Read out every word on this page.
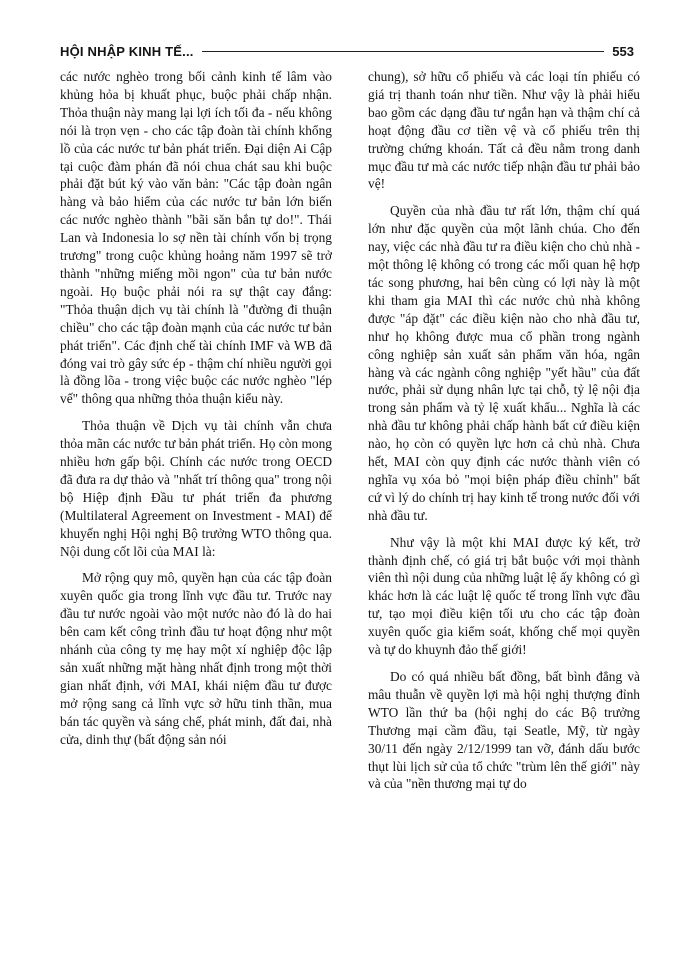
HỘI NHẬP KINH TẾ...	553

các nước nghèo trong bối cảnh kinh tế lâm vào khủng hỏa bị khuất phục, buộc phải chấp nhận. Thỏa thuận này mang lại lợi ích tối đa - nếu không nói là trọn vẹn - cho các tập đoàn tài chính khổng lồ của các nước tư bản phát triển. Đại diện Ai Cập tại cuộc đàm phán đã nói chua chát sau khi buộc phải đặt bút ký vào văn bản: "Các tập đoàn ngân hàng và bảo hiểm của các nước tư bản lớn biến các nước nghèo thành "bãi săn bắn tự do!". Thái Lan và Indonesia lo sợ nền tài chính vốn bị trọng trương" trong cuộc khủng hoảng năm 1997 sẽ trở thành "những miếng mồi ngon" của tư bản nước ngoài. Họ buộc phải nói ra sự thật cay đắng: "Thỏa thuận dịch vụ tài chính là "đường đi thuận chiều" cho các tập đoàn mạnh của các nước tư bản phát triển". Các định chế tài chính IMF và WB đã đóng vai trò gây sức ép - thậm chí nhiều người gọi là đồng lõa - trong việc buộc các nước nghèo "lép vế" thông qua những thỏa thuận kiểu này.

Thỏa thuận về Dịch vụ tài chính vẫn chưa thỏa mãn các nước tư bản phát triển. Họ còn mong nhiều hơn gấp bội. Chính các nước trong OECD đã đưa ra dự thảo và "nhất trí thông qua" trong nội bộ Hiệp định Đầu tư phát triển đa phương (Multilateral Agreement on Investment - MAI) để khuyến nghị Hội nghị Bộ trưởng WTO thông qua. Nội dung cốt lõi của MAI là:

Mở rộng quy mô, quyền hạn của các tập đoàn xuyên quốc gia trong lĩnh vực đầu tư. Trước nay đầu tư nước ngoài vào một nước nào đó là do hai bên cam kết công trình đầu tư hoạt động như một nhánh của công ty mẹ hay một xí nghiệp độc lập sản xuất những mặt hàng nhất định trong một thời gian nhất định, với MAI, khái niệm đầu tư được mở rộng sang cả lĩnh vực sở hữu tinh thần, mua bán tác quyền và sáng chế, phát minh, đất đai, nhà cửa, dinh thự (bất động sản nói

chung), sở hữu cổ phiếu và các loại tín phiếu có giá trị thanh toán như tiền. Như vậy là phải hiểu bao gồm các dạng đầu tư ngắn hạn và thậm chí cả hoạt động đầu cơ tiền vệ và cổ phiếu trên thị trường chứng khoán. Tất cả đều nằm trong danh mục đầu tư mà các nước tiếp nhận đầu tư phải bảo vệ!

Quyền của nhà đầu tư rất lớn, thậm chí quá lớn như đặc quyền của một lãnh chúa. Cho đến nay, việc các nhà đầu tư ra điều kiện cho chủ nhà - một thông lệ không có trong các mối quan hệ hợp tác song phương, hai bên cùng có lợi này là một khi tham gia MAI thì các nước chủ nhà không được "áp đặt" các điều kiện nào cho nhà đầu tư, như họ không được mua cổ phần trong ngành công nghiệp sản xuất sản phẩm văn hóa, ngân hàng và các ngành công nghiệp "yết hầu" của đất nước, phải sử dụng nhân lực tại chỗ, tỷ lệ nội địa trong sản phẩm và tỷ lệ xuất khẩu... Nghĩa là các nhà đầu tư không phải chấp hành bất cứ điều kiện nào, họ còn có quyền lực hơn cả chủ nhà. Chưa hết, MAI còn quy định các nước thành viên có nghĩa vụ xóa bỏ "mọi biện pháp điều chỉnh" bất cứ vì lý do chính trị hay kinh tế trong nước đối với nhà đầu tư.

Như vậy là một khi MAI được ký kết, trở thành định chế, có giá trị bắt buộc với mọi thành viên thì nội dung của những luật lệ ấy không có gì khác hơn là các luật lệ quốc tế trong lĩnh vực đầu tư, tạo mọi điều kiện tối ưu cho các tập đoàn xuyên quốc gia kiểm soát, khống chế mọi quyền và tự do khuynh đảo thế giới!

Do có quá nhiều bất đồng, bất bình đẳng và mâu thuẫn về quyền lợi mà hội nghị thượng đỉnh WTO lần thứ ba (hội nghị do các Bộ trưởng Thương mại cầm đầu, tại Seatle, Mỹ, từ ngày 30/11 đến ngày 2/12/1999 tan vỡ, đánh dấu bước thụt lùi lịch sử của tổ chức "trùm lên thế giới" này và của "nền thương mại tự do
